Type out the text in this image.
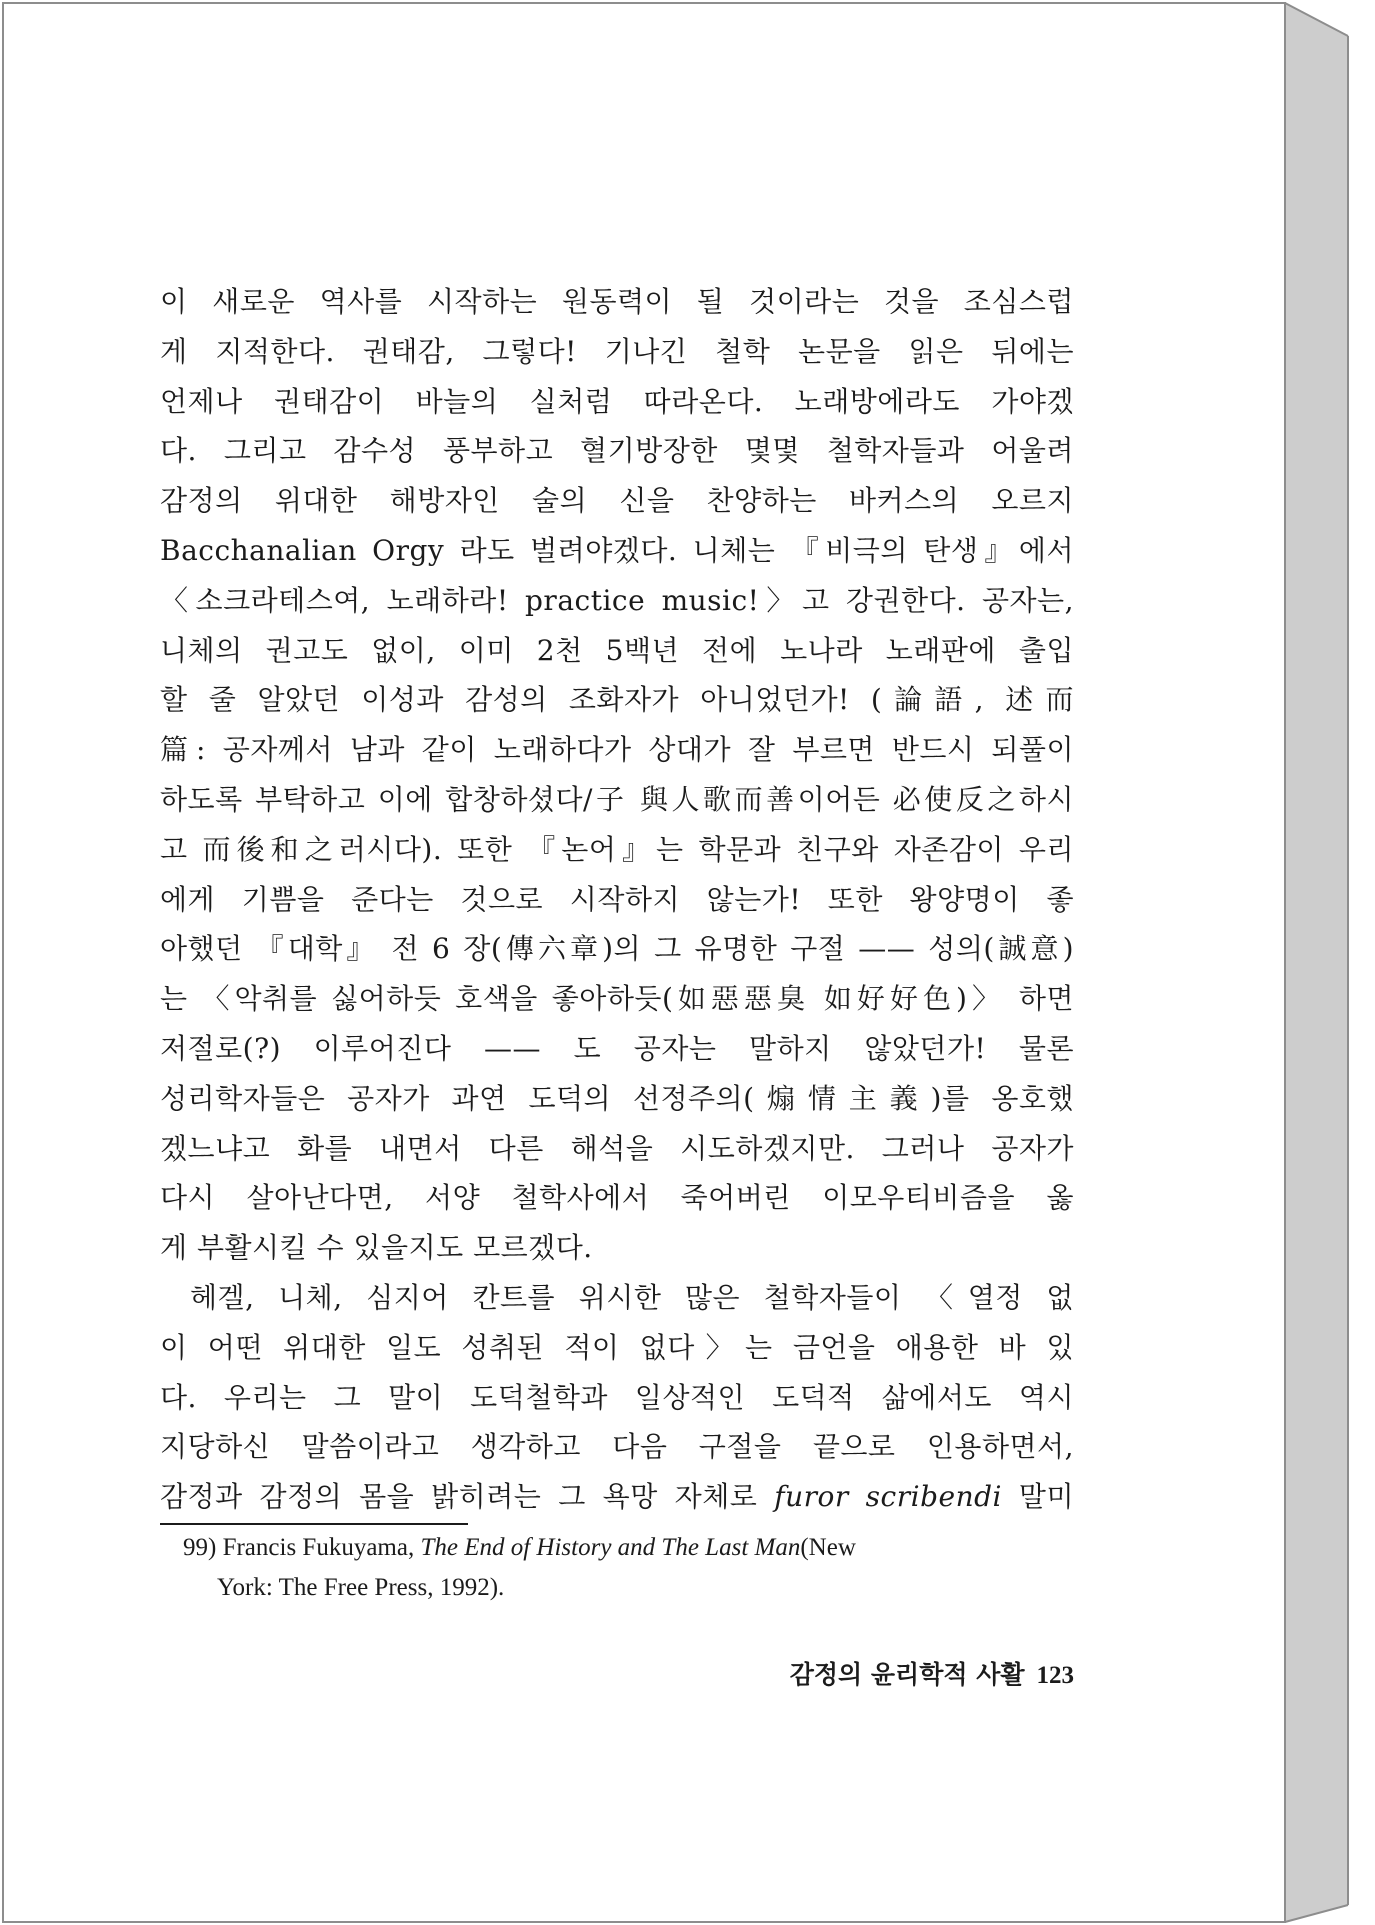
이 새로운 역사를 시작하는 원동력이 될 것이라는 것을 조심스럽
게 지적한다. 권태감, 그렇다! 기나긴 철학 논문을 읽은 뒤에는
언제나 권태감이 바늘의 실처럼 따라온다. 노래방에라도 가야겠
다. 그리고 감수성 풍부하고 혈기방장한 몇몇 철학자들과 어울려
감정의 위대한 해방자인 술의 신을 찬양하는 바커스의 오르지
Bacchanalian Orgy 라도 벌려야겠다. 니체는 『비극의 탄생』에서
〈소크라테스여, 노래하라! practice music!〉고 강권한다. 공자는,
니체의 권고도 없이, 이미 2천 5백년 전에 노나라 노래판에 출입
할 줄 알았던 이성과 감성의 조화자가 아니었던가! (論語, 述而
篇: 공자께서 남과 같이 노래하다가 상대가 잘 부르면 반드시 되풀이
하도록 부탁하고 이에 합창하셨다/子 與人歌而善이어든 必使反之하시
고 而後和之러시다). 또한 『논어』는 학문과 친구와 자존감이 우리
에게 기쁨을 준다는 것으로 시작하지 않는가! 또한 왕양명이 좋
아했던 『대학』 전 6 장(傳六章)의 그 유명한 구절 —— 성의(誠意)
는 〈악취를 싫어하듯 호색을 좋아하듯(如惡惡臭 如好好色)〉 하면
저절로(?) 이루어진다 —— 도 공자는 말하지 않았던가! 물론
성리학자들은 공자가 과연 도덕의 선정주의(煽情主義)를 옹호했
겠느냐고 화를 내면서 다른 해석을 시도하겠지만. 그러나 공자가
다시 살아난다면, 서양 철학사에서 죽어버린 이모우티비즘을 옳
게 부활시킬 수 있을지도 모르겠다.
헤겔, 니체, 심지어 칸트를 위시한 많은 철학자들이 〈열정 없
이 어떤 위대한 일도 성취된 적이 없다〉는 금언을 애용한 바 있
다. 우리는 그 말이 도덕철학과 일상적인 도덕적 삶에서도 역시
지당하신 말씀이라고 생각하고 다음 구절을 끝으로 인용하면서,
감정과 감정의 몸을 밝히려는 그 욕망 자체로 furor scribendi 말미
99) Francis Fukuyama, The End of History and The Last Man(New
York: The Free Press, 1992).
감정의 윤리학적 사활 123
